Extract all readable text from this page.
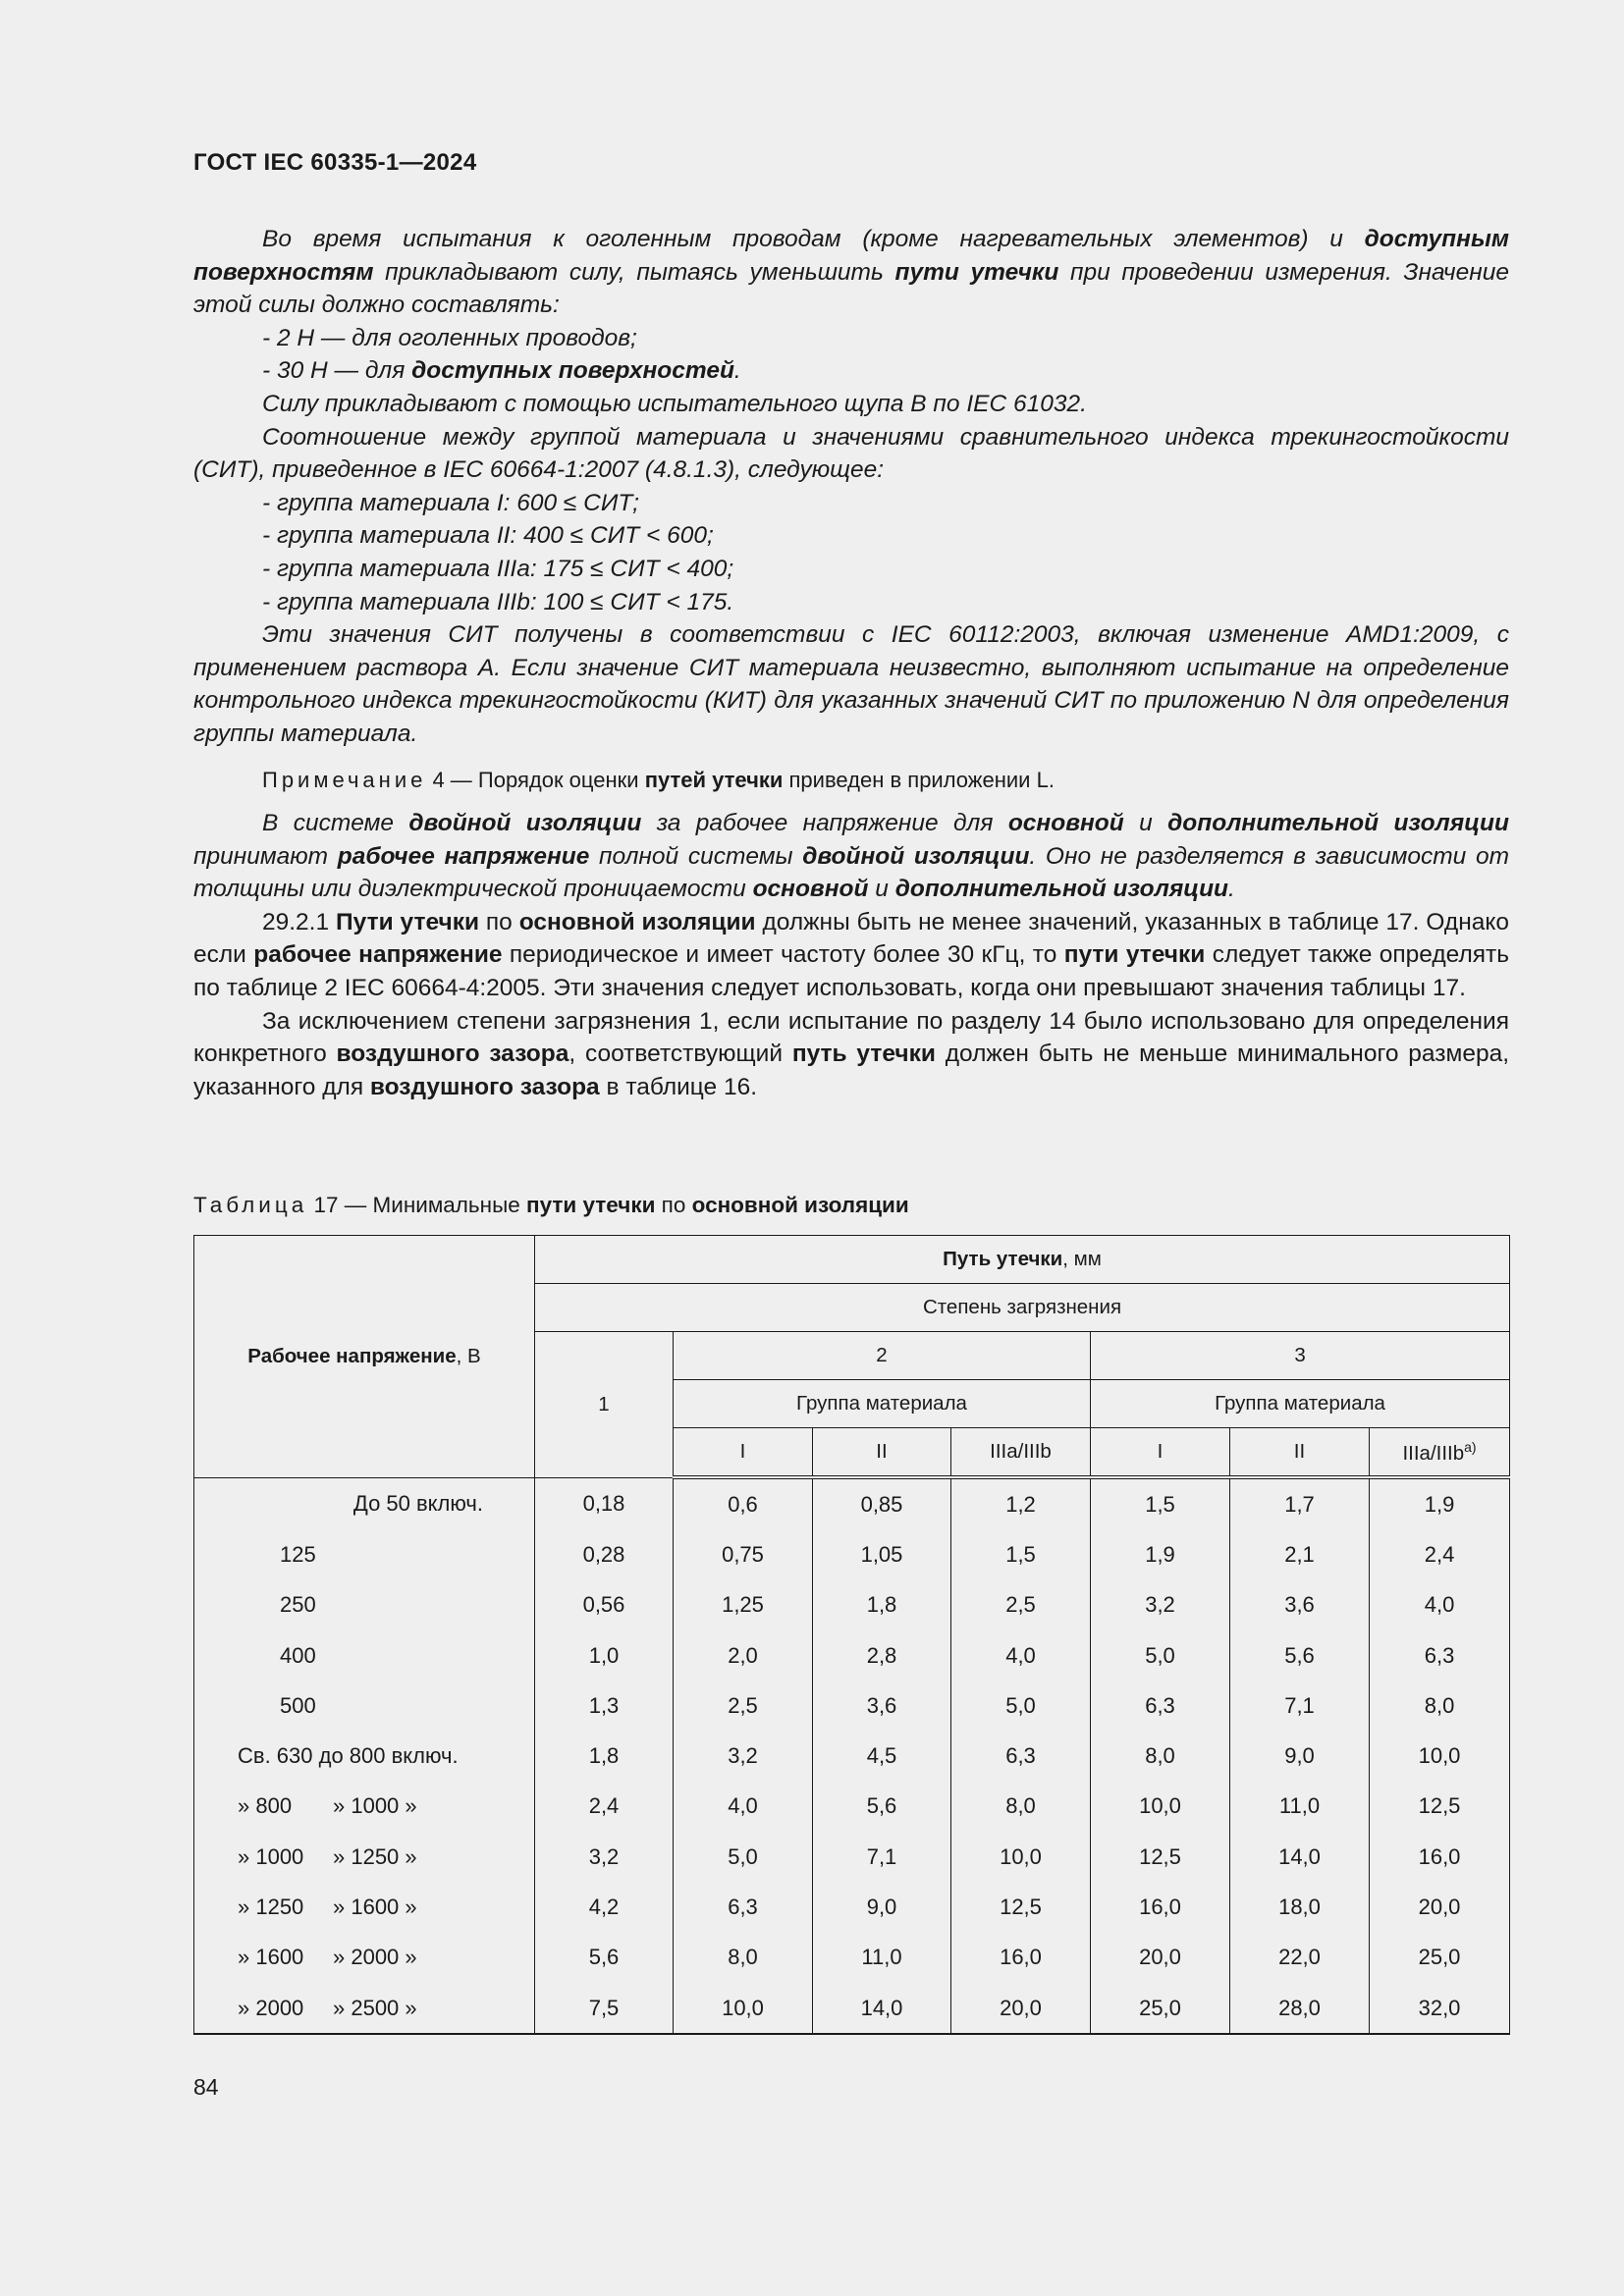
ГОСТ IEC 60335-1—2024

Во время испытания к оголенным проводам (кроме нагревательных элементов) и доступным поверхностям прикладывают силу, пытаясь уменьшить пути утечки при проведении измерения. Значение этой силы должно составлять:

- 2 Н — для оголенных проводов;

- 30 Н — для доступных поверхностей.

Силу прикладывают с помощью испытательного щупа В по IEC 61032.

Соотношение между группой материала и значениями сравнительного индекса трекингостойкости (СИТ), приведенное в IEC 60664-1:2007 (4.8.1.3), следующее:

- группа материала I: 600 ≤ СИТ;

- группа материала II: 400 ≤ СИТ < 600;

- группа материала IIIa: 175 ≤ СИТ < 400;

- группа материала IIIb: 100 ≤ СИТ < 175.

Эти значения СИТ получены в соответствии с IEC 60112:2003, включая изменение AMD1:2009, с применением раствора А. Если значение СИТ материала неизвестно, выполняют испытание на определение контрольного индекса трекингостойкости (КИТ) для указанных значений СИТ по приложению N для определения группы материала.

Примечание 4 — Порядок оценки путей утечки приведен в приложении L.

В системе двойной изоляции за рабочее напряжение для основной и дополнительной изоляции принимают рабочее напряжение полной системы двойной изоляции. Оно не разделяется в зависимости от толщины или диэлектрической проницаемости основной и дополнительной изоляции.

29.2.1 Пути утечки по основной изоляции должны быть не менее значений, указанных в таблице 17. Однако если рабочее напряжение периодическое и имеет частоту более 30 кГц, то пути утечки следует также определять по таблице 2 IEC 60664-4:2005. Эти значения следует использовать, когда они превышают значения таблицы 17.

За исключением степени загрязнения 1, если испытание по разделу 14 было использовано для определения конкретного воздушного зазора, соответствующий путь утечки должен быть не меньше минимального размера, указанного для воздушного зазора в таблице 16.

Таблица 17 — Минимальные пути утечки по основной изоляции
Рабочее напряжение, В	Путь утечки, мм						
	Степень загрязнения						
	1	2			3		
		Группа материала			Группа материала		
		I	II	IIIa/IIIb	I	II	IIIa/IIIb$^{a)}$
До 50 включ.	0,18	0,6	0,85	1,2	1,5	1,7	1,9
125	0,28	0,75	1,05	1,5	1,9	2,1	2,4
250	0,56	1,25	1,8	2,5	3,2	3,6	4,0
400	1,0	2,0	2,8	4,0	5,0	5,6	6,3
500	1,3	2,5	3,6	5,0	6,3	7,1	8,0
Св. 630 до 800 включ.	1,8	3,2	4,5	6,3	8,0	9,0	10,0
» 800 » 1000 »	2,4	4,0	5,6	8,0	10,0	11,0	12,5
» 1000 » 1250 »	3,2	5,0	7,1	10,0	12,5	14,0	16,0
» 1250 » 1600 »	4,2	6,3	9,0	12,5	16,0	18,0	20,0
» 1600 » 2000 »	5,6	8,0	11,0	16,0	20,0	22,0	25,0
» 2000 » 2500 »	7,5	10,0	14,0	20,0	25,0	28,0	32,0
84
